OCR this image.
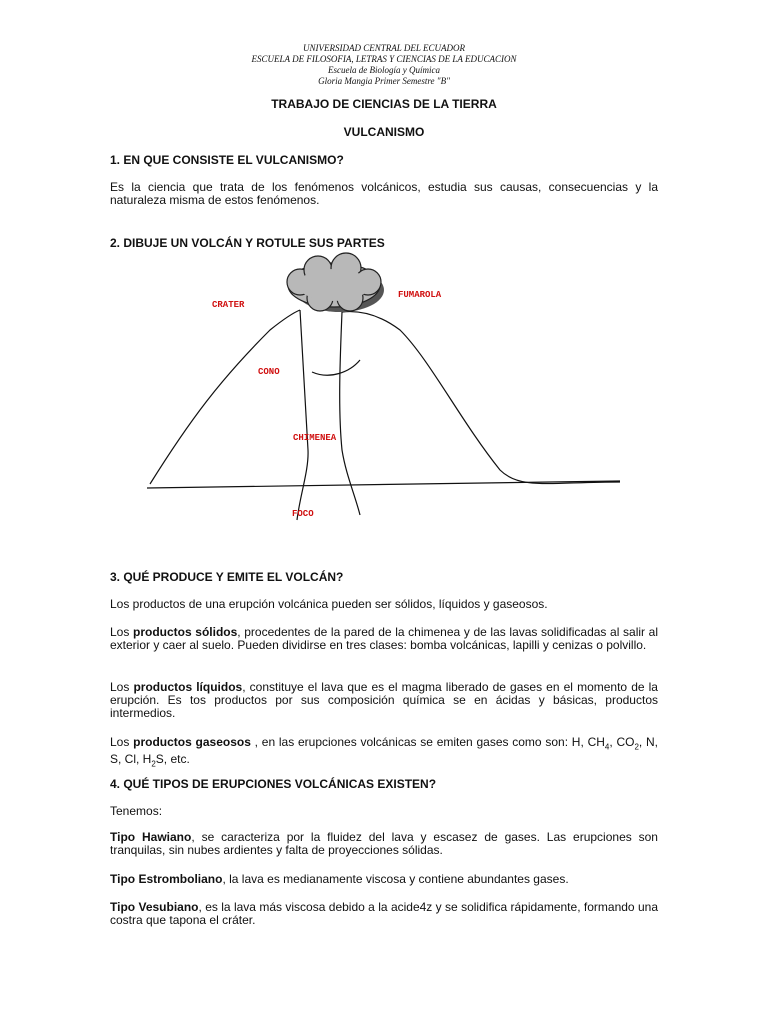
UNIVERSIDAD CENTRAL DEL ECUADOR
ESCUELA DE FILOSOFIA, LETRAS Y CIENCIAS DE LA EDUCACION
Escuela de Biología y Química
Gloria Mangia Primer Semestre "B"
TRABAJO DE CIENCIAS DE LA TIERRA
VULCANISMO
1. EN QUE CONSISTE EL VULCANISMO?
Es la ciencia que trata de los fenómenos volcánicos, estudia sus causas, consecuencias y la naturaleza misma de estos fenómenos.
2. DIBUJE UN VOLCÁN Y ROTULE SUS PARTES
CRATER
FUMAROLA
CONO
CHIMENEA
FOCO
3. QUÉ PRODUCE Y EMITE EL VOLCÁN?
Los productos de una erupción volcánica pueden ser sólidos, líquidos y gaseosos.
Los productos sólidos, procedentes de la pared de la chimenea y de las lavas solidificadas al salir al exterior y caer al suelo. Pueden dividirse en tres clases: bomba volcánicas, lapilli y cenizas o polvillo.
Los productos líquidos, constituye el lava que es el magma liberado de gases en el momento de la erupción. Es tos productos por sus composición química se en ácidas y básicas, productos intermedios.
Los productos gaseosos , en las erupciones volcánicas se emiten gases como son: H, $CH_4$, $CO_2$, N, S, Cl, $H_2S$, etc.
4. QUÉ TIPOS DE ERUPCIONES VOLCÁNICAS EXISTEN?
Tenemos:
Tipo Hawiano, se caracteriza por la fluidez del lava y escasez de gases. Las erupciones son tranquilas, sin nubes ardientes y falta de proyecciones sólidas.
Tipo Estromboliano, la lava es medianamente viscosa y contiene abundantes gases.
Tipo Vesubiano, es la lava más viscosa debido a la acide4z y se solidifica rápidamente, formando una costra que tapona el cráter.
